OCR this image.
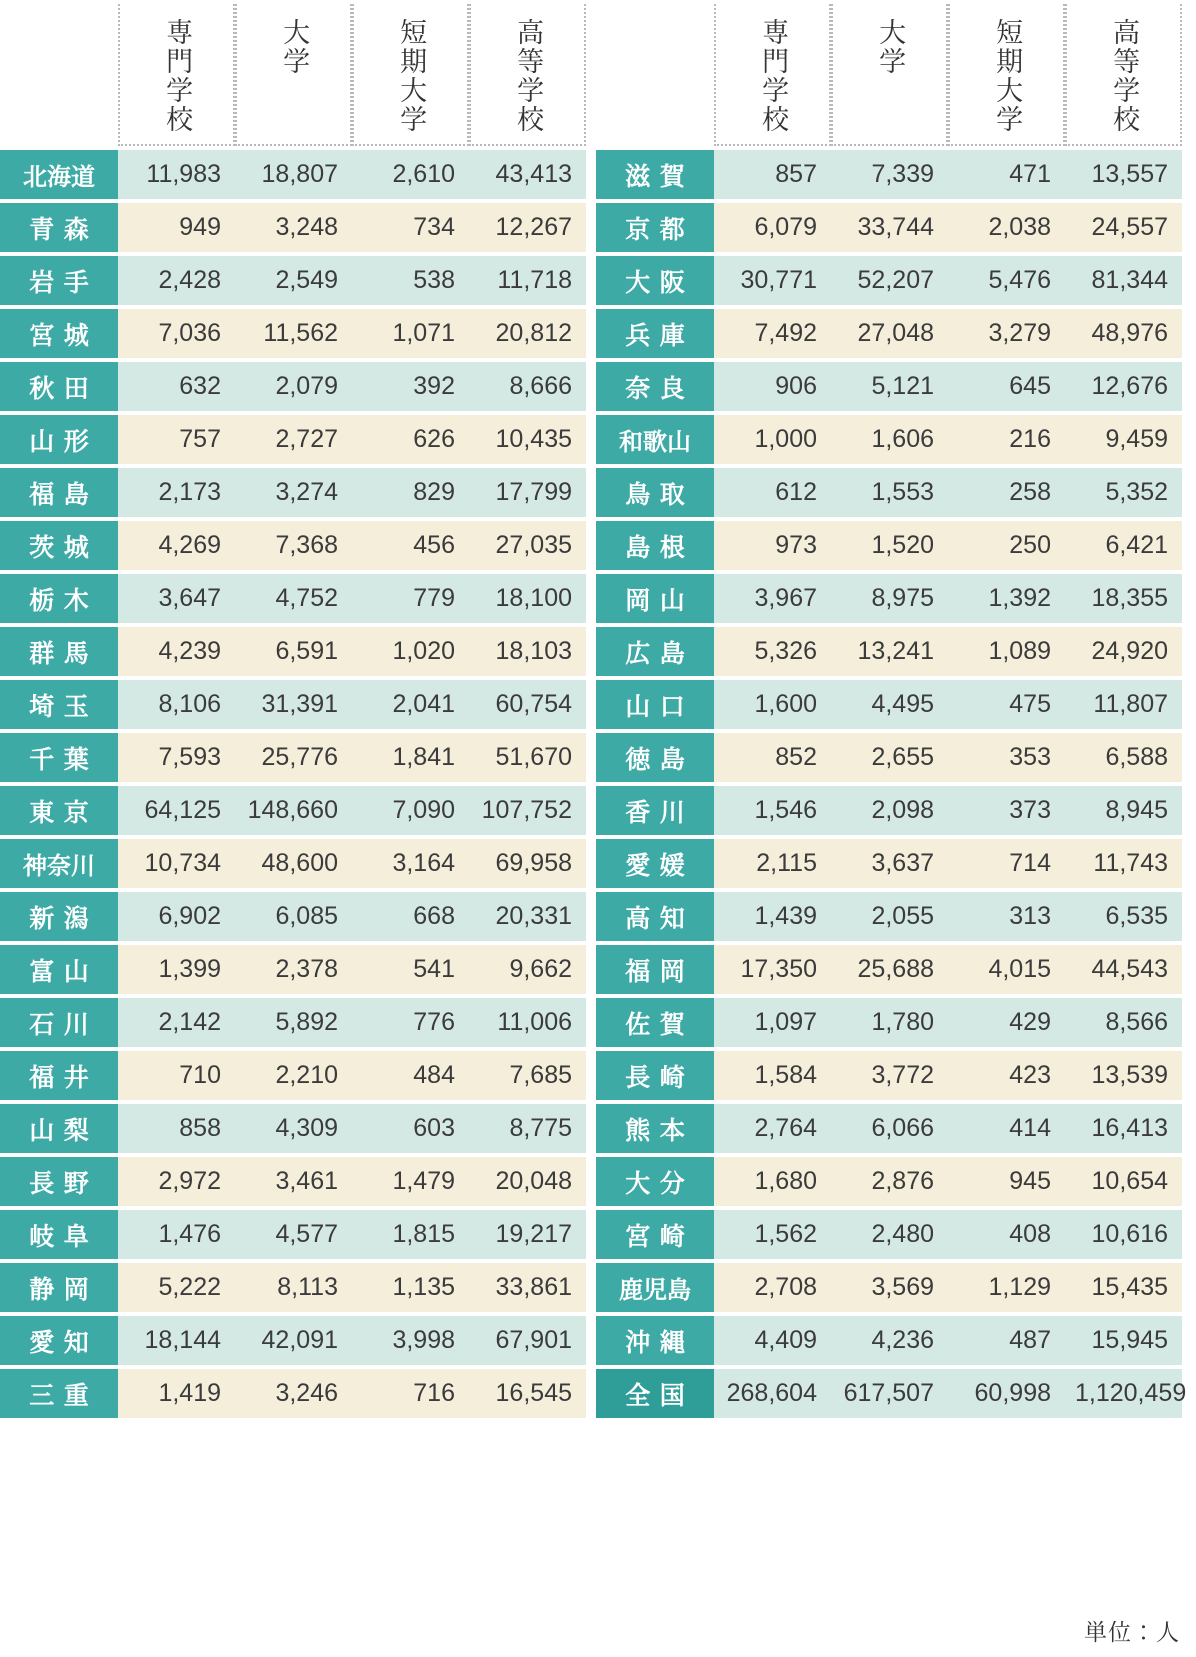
	専門学校	大学	短期大学	高等学校

北海道	11,983	18,807	2,610	43,413
青森	949	3,248	734	12,267
岩手	2,428	2,549	538	11,718
宮城	7,036	11,562	1,071	20,812
秋田	632	2,079	392	8,666
山形	757	2,727	626	10,435
福島	2,173	3,274	829	17,799
茨城	4,269	7,368	456	27,035
栃木	3,647	4,752	779	18,100
群馬	4,239	6,591	1,020	18,103
埼玉	8,106	31,391	2,041	60,754
千葉	7,593	25,776	1,841	51,670
東京	64,125	148,660	7,090	107,752
神奈川	10,734	48,600	3,164	69,958
新潟	6,902	6,085	668	20,331
富山	1,399	2,378	541	9,662
石川	2,142	5,892	776	11,006
福井	710	2,210	484	7,685
山梨	858	4,309	603	8,775
長野	2,972	3,461	1,479	20,048
岐阜	1,476	4,577	1,815	19,217
静岡	5,222	8,113	1,135	33,861
愛知	18,144	42,091	3,998	67,901
三重	1,419	3,246	716	16,545

	専門学校	大学	短期大学	高等学校

滋賀	857	7,339	471	13,557
京都	6,079	33,744	2,038	24,557
大阪	30,771	52,207	5,476	81,344
兵庫	7,492	27,048	3,279	48,976
奈良	906	5,121	645	12,676
和歌山	1,000	1,606	216	9,459
鳥取	612	1,553	258	5,352
島根	973	1,520	250	6,421
岡山	3,967	8,975	1,392	18,355
広島	5,326	13,241	1,089	24,920
山口	1,600	4,495	475	11,807
徳島	852	2,655	353	6,588
香川	1,546	2,098	373	8,945
愛媛	2,115	3,637	714	11,743
高知	1,439	2,055	313	6,535
福岡	17,350	25,688	4,015	44,543
佐賀	1,097	1,780	429	8,566
長崎	1,584	3,772	423	13,539
熊本	2,764	6,066	414	16,413
大分	1,680	2,876	945	10,654
宮崎	1,562	2,480	408	10,616
鹿児島	2,708	3,569	1,129	15,435
沖縄	4,409	4,236	487	15,945
全国	268,604	617,507	60,998	1,120,459
単位：人
